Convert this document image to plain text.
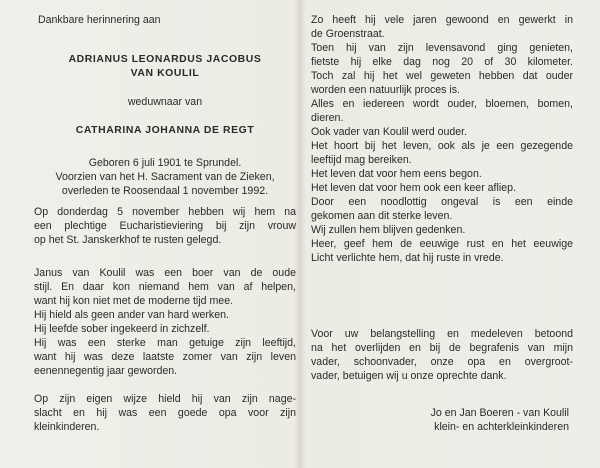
Dankbare herinnering aan
ADRIANUS LEONARDUS JACOBUS
VAN KOULIL
weduwnaar van
CATHARINA JOHANNA DE REGT
Geboren 6 juli 1901 te Sprundel.
Voorzien van het H. Sacrament van de Zieken,
overleden te Roosendaal 1 november 1992.
Op donderdag 5 november hebben wij hem na
een plechtige Eucharistieviering bij zijn vrouw
op het St. Janskerkhof te rusten gelegd.
Janus van Koulil was een boer van de oude
stijl. En daar kon niemand hem van af helpen,
want hij kon niet met de moderne tijd mee.
Hij hield als geen ander van hard werken.
Hij leefde sober ingekeerd in zichzelf.
Hij was een sterke man getuige zijn leeftijd,
want hij was deze laatste zomer van zijn leven
eenennegentig jaar geworden.
Op zijn eigen wijze hield hij van zijn nage-
slacht en hij was een goede opa voor zijn
kleinkinderen.
Zo heeft hij vele jaren gewoond en gewerkt in
de Groenstraat.
Toen hij van zijn levensavond ging genieten,
fietste hij elke dag nog 20 of 30 kilometer.
Toch zal hij het wel geweten hebben dat ouder
worden een natuurlijk proces is.
Alles en iedereen wordt ouder, bloemen, bomen,
dieren.
Ook vader van Koulil werd ouder.
Het hoort bij het leven, ook als je een gezegende
leeftijd mag bereiken.
Het leven dat voor hem eens begon.
Het leven dat voor hem ook een keer afliep.
Door een noodlottig ongeval is een einde
gekomen aan dit sterke leven.
Wij zullen hem blijven gedenken.
Heer, geef hem de eeuwige rust en het eeuwige
Licht verlichte hem, dat hij ruste in vrede.
Voor uw belangstelling en medeleven betoond
na het overlijden en bij de begrafenis van mijn
vader, schoonvader, onze opa en overgroot-
vader, betuigen wij u onze oprechte dank.
Jo en Jan Boeren - van Koulil
klein- en achterkleinkinderen
